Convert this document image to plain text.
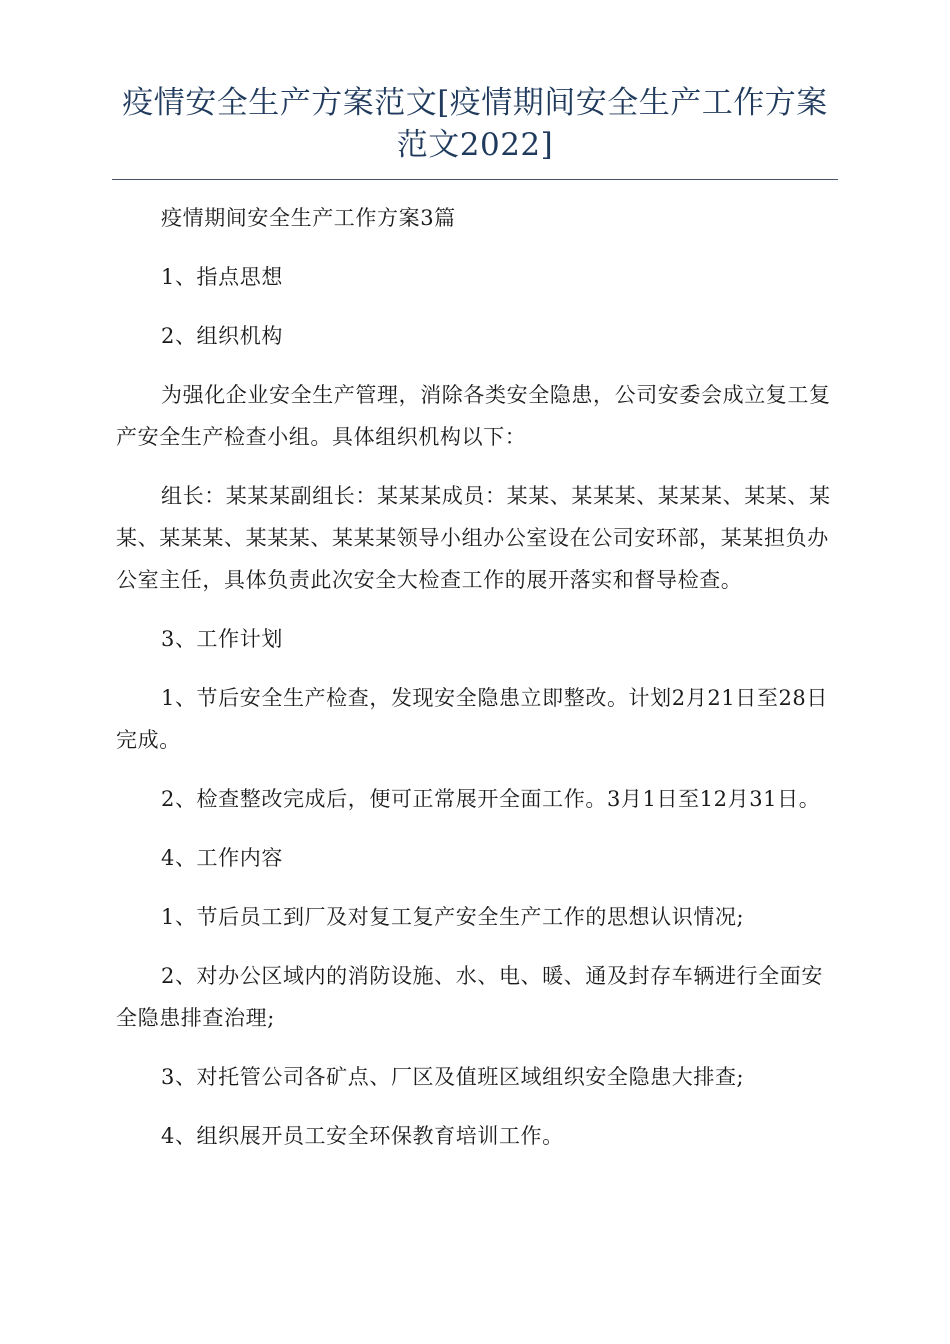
疫情安全生产方案范文[疫情期间安全生产工作方案范文2022]

疫情期间安全生产工作方案3篇

1、指点思想

2、组织机构

为强化企业安全生产管理，消除各类安全隐患，公司安委会成立复工复产安全生产检查小组。具体组织机构以下：

组长：某某某副组长：某某某成员：某某、某某某、某某某、某某、某某、某某某、某某某、某某某领导小组办公室设在公司安环部，某某担负办公室主任，具体负责此次安全大检查工作的展开落实和督导检查。

3、工作计划

1、节后安全生产检查，发现安全隐患立即整改。计划2月21日至28日完成。

2、检查整改完成后，便可正常展开全面工作。3月1日至12月31日。

4、工作内容

1、节后员工到厂及对复工复产安全生产工作的思想认识情况;

2、对办公区域内的消防设施、水、电、暖、通及封存车辆进行全面安全隐患排查治理;

3、对托管公司各矿点、厂区及值班区域组织安全隐患大排查;

4、组织展开员工安全环保教育培训工作。
